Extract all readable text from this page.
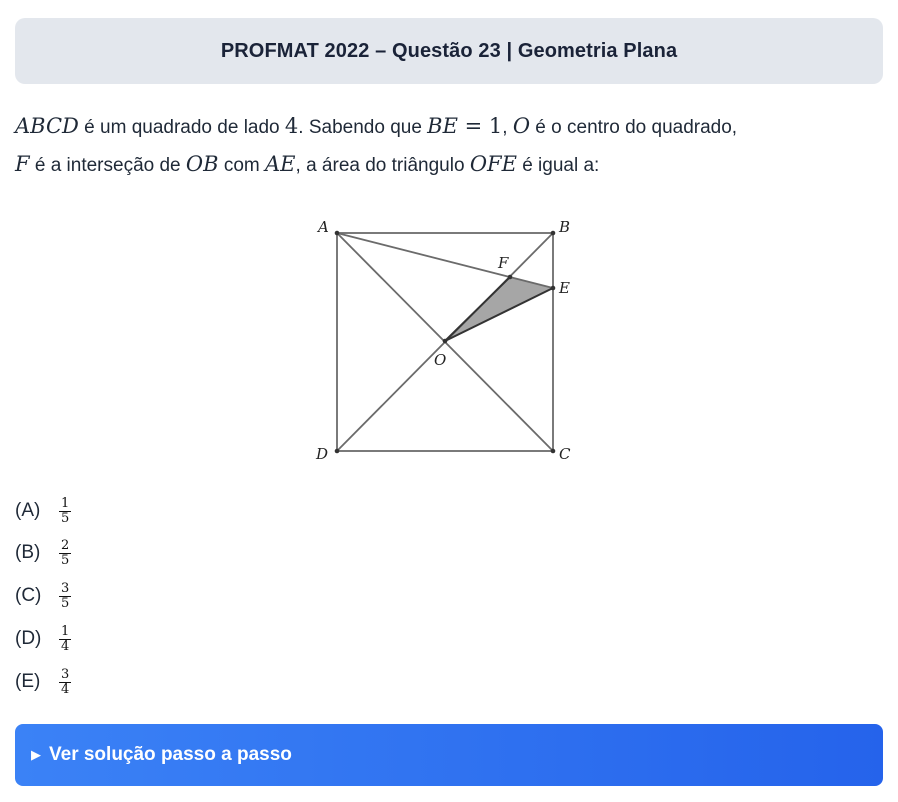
PROFMAT 2022 – Questão 23 | Geometria Plana
ABCD é um quadrado de lado 4. Sabendo que BE = 1, O é o centro do quadrado,
F é a interseção de OB com AE, a área do triângulo OFE é igual a:
A	B
C
D
E
F
O
(A)	$\frac{1}{5}$
(B)	$\frac{2}{5}$
(C)	$\frac{3}{5}$
(D)	$\frac{1}{4}$
(E)	$\frac{3}{4}$
▶ Ver solução passo a passo
